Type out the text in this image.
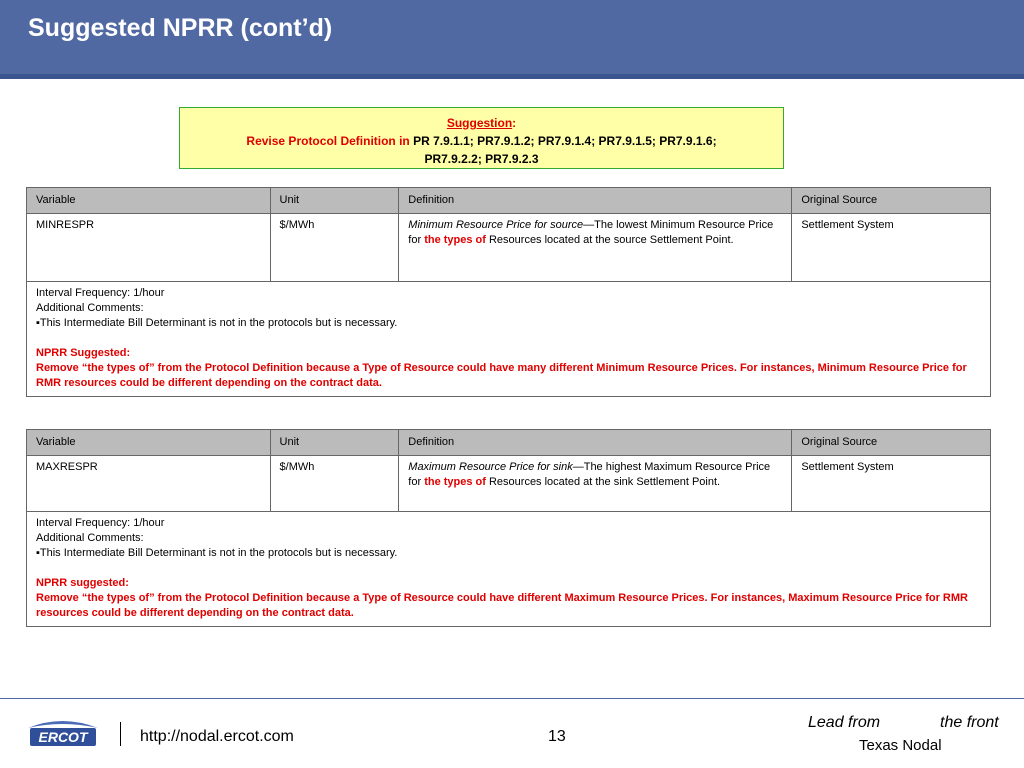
Suggested NPRR (cont’d)
Suggestion:
Revise Protocol Definition in PR 7.9.1.1; PR7.9.1.2; PR7.9.1.4; PR7.9.1.5; PR7.9.1.6;
PR7.9.2.2; PR7.9.2.3
Variable	Unit	Definition	Original Source
MINRESPR	$/MWh	Minimum Resource Price for source—The lowest Minimum Resource Price for the types of Resources located at the source Settlement Point.	Settlement System

Interval Frequency: 1/hour
Additional Comments:
▪This Intermediate Bill Determinant is not in the protocols but is necessary.
NPRR Suggested:
Remove “the types of” from the Protocol Definition because a Type of Resource could have many different Minimum Resource Prices. For instances, Minimum Resource Price for RMR resources could be different depending on the contract data.			
Variable	Unit	Definition	Original Source
MAXRESPR	$/MWh	Maximum Resource Price for sink—The highest Maximum Resource Price for the types of Resources located at the sink Settlement Point.	Settlement System

Interval Frequency: 1/hour
Additional Comments:
▪This Intermediate Bill Determinant is not in the protocols but is necessary.
NPRR suggested:
Remove “the types of” from the Protocol Definition because a Type of Resource could have different Maximum Resource Prices. For instances, Maximum Resource Price for RMR resources could be different depending on the contract data.			
ERCOT	http://nodal.ercot.com	13
Lead from	the front
Texas Nodal
